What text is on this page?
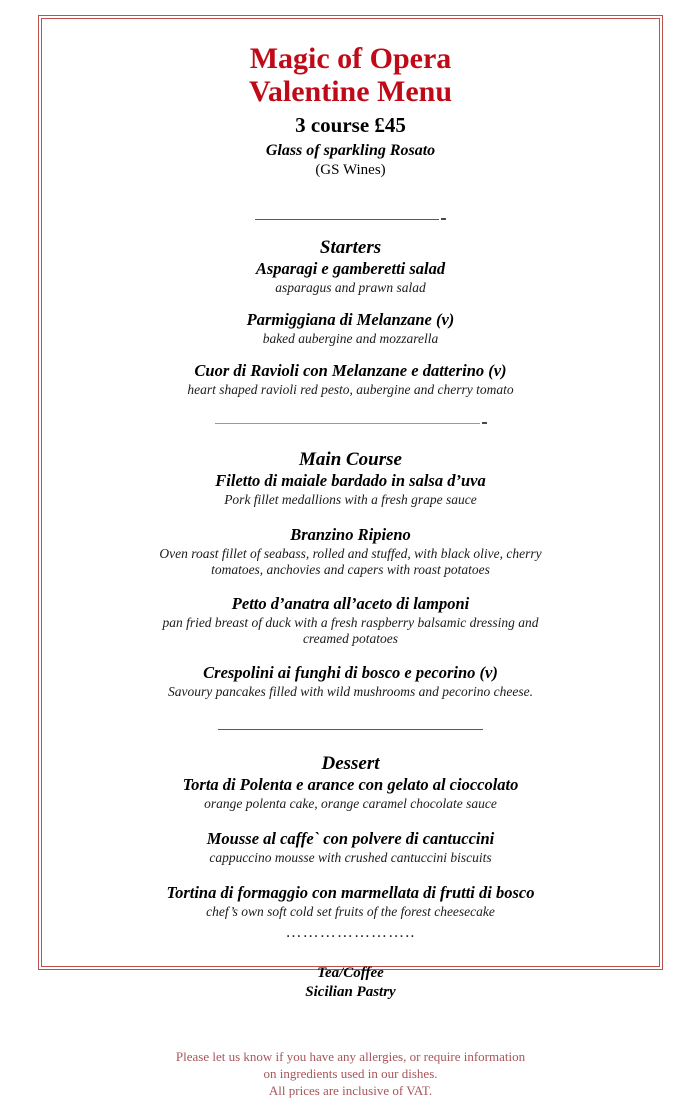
Magic of Opera
Valentine Menu
3 course £45
Glass of sparkling Rosato
(GS Wines)
Starters
Asparagi e gamberetti salad
asparagus and prawn salad
Parmiggiana di Melanzane (v)
baked aubergine and mozzarella
Cuor di Ravioli con Melanzane e datterino (v)
heart shaped ravioli red pesto, aubergine and cherry tomato
Main Course
Filetto di maiale bardado in salsa d’uva
Pork fillet medallions with a fresh grape sauce
Branzino Ripieno
Oven roast fillet of seabass, rolled and stuffed, with black olive, cherry tomatoes, anchovies and capers with roast potatoes
Petto d’anatra all’aceto di lamponi
pan fried breast of duck with a fresh raspberry balsamic dressing and creamed potatoes
Crespolini ai funghi di bosco e pecorino (v)
Savoury pancakes filled with wild mushrooms and pecorino cheese.
Dessert
Torta di Polenta e arance con gelato al cioccolato
orange polenta cake, orange caramel chocolate sauce
Mousse al caffe` con polvere di cantuccini
cappuccino mousse with crushed cantuccini biscuits
Tortina di formaggio con marmellata di frutti di bosco
chef’s own soft cold set fruits of the forest cheesecake
…………………..
Tea/Coffee
Sicilian Pastry
Please let us know if you have any allergies, or require information
on ingredients used in our dishes.
All prices are inclusive of VAT.
